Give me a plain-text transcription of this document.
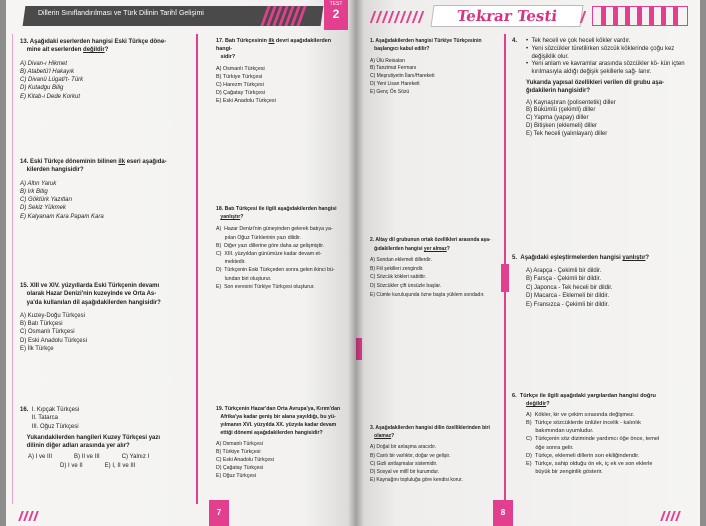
Dillerin Sınıflandırılması ve Türk Dilinin Tarihî Gelişimi
TEST
2
13. Aşağıdaki eserlerden hangisi Eski Türkçe döne-
mine ait eserlerden değildir?
A) Divan-ı Hikmet
B) Atabetü'l Hakayık
C) Divanü Lügati't- Türk
D) Kutadgu Bilig
E) Kitab-ı Dede Korkut
14. Eski Türkçe döneminin bilinen ilk eseri aşağıda-
kilerden hangisidir?
A) Altın Yaruk
B) Irk Bitig
C) Göktürk Yazıtları
D) Sekiz Yükmek
E) Kalyanam Kara Papam Kara
15. XIII ve XIV. yüzyıllarda Eski Türkçenin devamı
olarak Hazar Denizi'nin kuzeyinde ve Orta As-
ya'da kullanılan dil aşağıdakilerden hangisidir?
A) Kuzey-Doğu Türkçesi
B) Batı Türkçesi
C) Osmanlı Türkçesi
D) Eski Anadolu Türkçesi
E) İlk Türkçe
16. I. Kıpçak Türkçesi
II. Tatarca
III. Oğuz Türkçesi
Yukarıdakilerden hangileri Kuzey Türkçesi yazı
dilinin diğer adları arasında yer alır?
A) I ve III	B) II ve III	C) Yalnız I
D) I ve II	E) I, II ve III
17. Batı Türkçesinin ilk devri aşağıdakilerden hangi-
sidir?
A) Osmanlı Türkçesi
B) Türkiye Türkçesi
C) Harezm Türkçesi
D) Çağatay Türkçesi
E) Eski Anadolu Türkçesi
18. Batı Türkçesi ile ilgili aşağıdakilerden hangisi
yanlıştır?
A)  Hazar Denizi'nin güneyinden gelerek batıya ya-
pılan Oğuz Türklerinin yazı dilidir.
B)  Diğer yazı dillerine göre daha az gelişmiştir.
C)  XIII. yüzyıldan günümüze kadar devam et-
mektedir.
D)  Türkçenin Eski Türkçeden sonra gelen ikinci bü-
lundan biri oluşturur.
E)  Son evresini Türkiye Türkçesi oluşturur.
19. Türkçenin Hazar'dan Orta Avrupa'ya, Kırım'dan
Afrika'ya kadar geniş bir alana yayıldığı, bu yü-
yılmanın XVI. yüzyılda XX. yüzyıla kadar devam
ettiği dönemi aşağıdakilerden hangisidir?
A) Osmanlı Türkçesi
B) Türkiye Türkçesi
C) Eski Anadolu Türkçesi
D) Çağatay Türkçesi
E) Oğuz Türkçesi
7
Tekrar Testi
1. Aşağıdakilerden hangisi Türkiye Türkçesinin
başlangıcı kabul edilir?
A) Ülü Reisaları
B) Tanzimat Fermanı
C) Meşrutiyetin İlanı/Hareketi
D) Yeni Lisan Hareketi
E) Genç Ön Sözü
2. Altay dil grubunun ortak özellikleri arasında aşa-
ğıdakilerden hangisi yer almaz?
A) Sondan eklemeli dillerdir.
B) Fiil şekilleri zengindir.
C) Sözcük kökleri sabittir.
D) Sözcükler çift ünsüzle başlar.
E) Cümle kuruluşunda özne başta yüklem sondadır.
3. Aşağıdakilerden hangisi dilin özelliklerinden biri
olamaz?
A) Doğal bir anlaşma aracıdır.
B) Canlı bir varlıktır, doğar ve gelişir.
C) Gizli antlaşmalar sistemidir.
D) Sosyal ve millî bir kurumdur.
E) Kaynağını topluluğa göre kendisi korur.
4.	•  Tek heceli ve çok heceli kökler vardır.
• Yeni sözcükler türetilirken sözcük köklerinde çoğu kez değişiklik olur.
• Yeni anlam ve kavramlar arasında sözcükler kö- kün içten kırılmasıyla aldığı değişik şekillerle sağ- lanır.
Yukarıda yapısal özellikleri verilen dil grubu aşa-
ğıdakilerin hangisidir?
A) Kaynaştıran (polisentetik) diller
B) Bükümlü (çekimli) diller
C) Yapma (yapay) diller
D) Bitişken (eklemeli) diller
E) Tek heceli (yalınlayan) diller
5. Aşağıdaki eşleştirmelerden hangisi yanlıştır?
A) Arapça - Çekimli bir dildir.
B) Farsça - Çekimli bir dildir.
C) Japonca - Tek heceli bir dildir.
D) Macarca - Eklemeli bir dildir.
E) Fransızca - Çekimli bir dildir.
6. Türkçe ile ilgili aşağıdaki yargılardan hangisi doğru
değildir?
A)  Kökler, kir ve çekim sırasında değişmez.
B)  Türkçe sözcüklerde ünlüler incelik - kalınlık
bakımından uyumludur.
C)  Türkçenin söz diziminde yardımcı öğe önce, temel
öğe sonra gelir.
D)  Türkçe, eklemeli dillerin son ekiliğindendir.
E)  Türkçe, sahip olduğu ön ek, iç ek ve son eklerle
büyük bir zenginlik gösterir.
8
